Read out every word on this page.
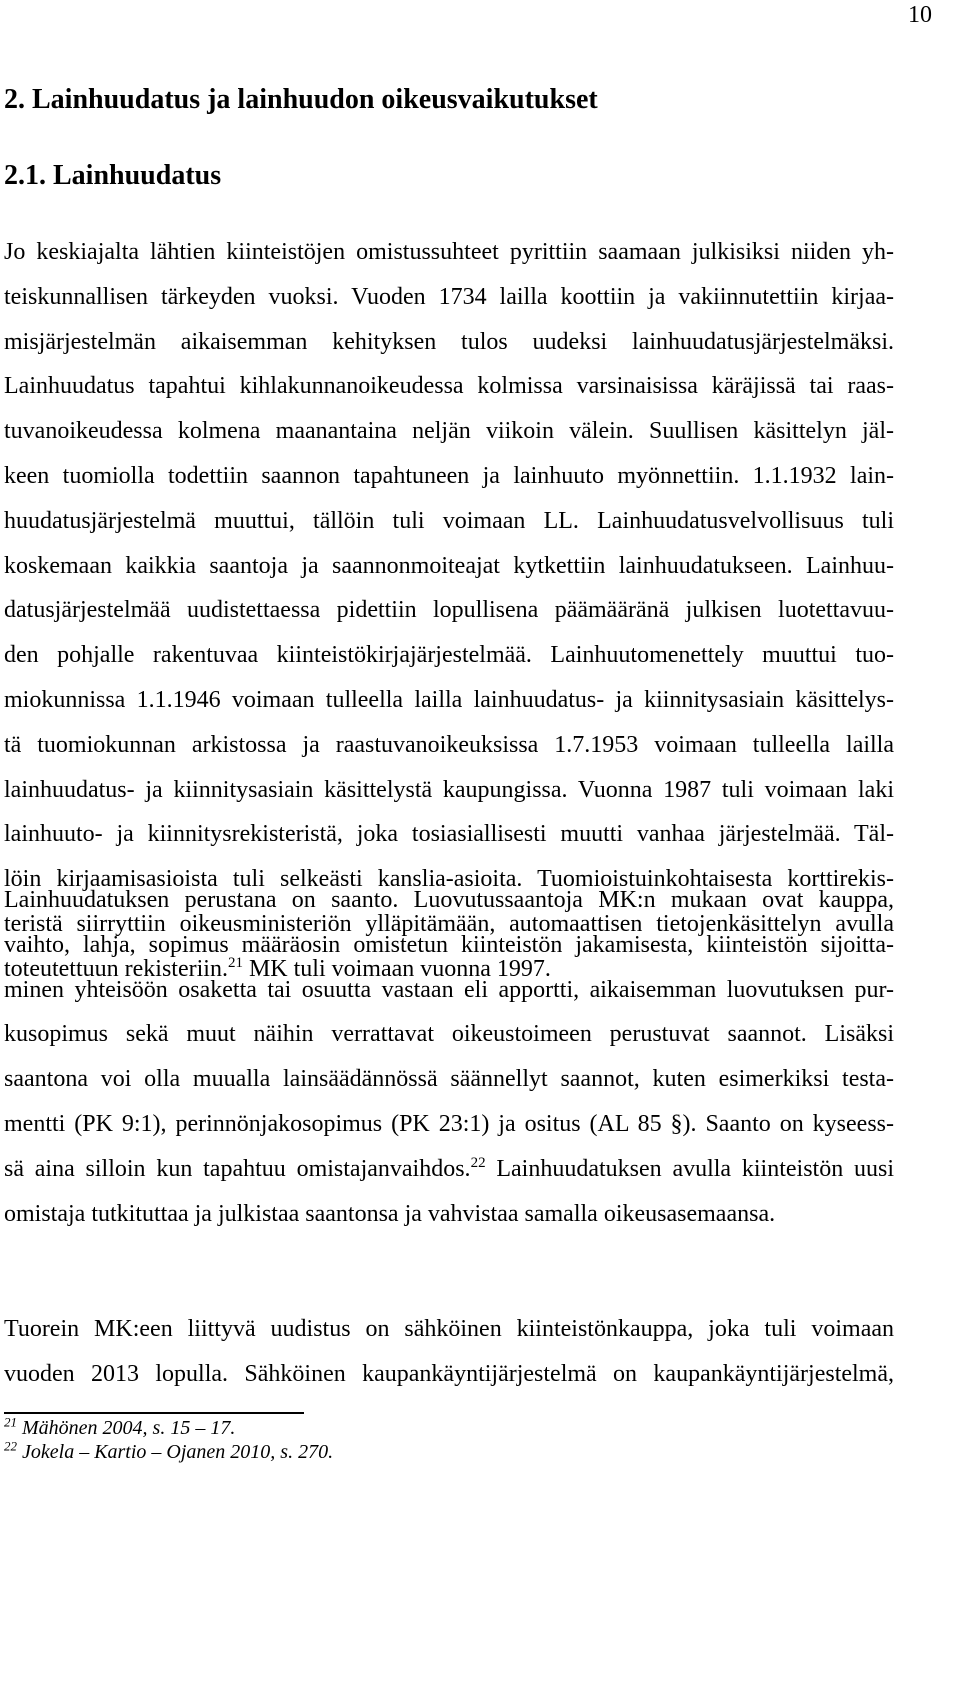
10
2. Lainhuudatus ja lainhuudon oikeusvaikutukset
2.1. Lainhuudatus
Jo keskiajalta lähtien kiinteistöjen omistussuhteet pyrittiin saamaan julkisiksi niiden yh-
teiskunnallisen tärkeyden vuoksi. Vuoden 1734 lailla koottiin ja vakiinnutettiin kirjaa-
misjärjestelmän aikaisemman kehityksen tulos uudeksi lainhuudatusjärjestelmäksi.
Lainhuudatus tapahtui kihlakunnanoikeudessa kolmissa varsinaisissa käräjissä tai raas-
tuvanoikeudessa kolmena maanantaina neljän viikoin välein. Suullisen käsittelyn jäl-
keen tuomiolla todettiin saannon tapahtuneen ja lainhuuto myönnettiin. 1.1.1932 lain-
huudatusjärjestelmä muuttui, tällöin tuli voimaan LL. Lainhuudatusvelvollisuus tuli
koskemaan kaikkia saantoja ja saannonmoiteajat kytkettiin lainhuudatukseen. Lainhuu-
datusjärjestelmää uudistettaessa pidettiin lopullisena päämääränä julkisen luotettavuu-
den pohjalle rakentuvaa kiinteistökirjajärjestelmää. Lainhuutomenettely muuttui tuo-
miokunnissa 1.1.1946 voimaan tulleella lailla lainhuudatus- ja kiinnitysasiain käsittelys-
tä tuomiokunnan arkistossa ja raastuvanoikeuksissa 1.7.1953 voimaan tulleella lailla
lainhuudatus- ja kiinnitysasiain käsittelystä kaupungissa. Vuonna 1987 tuli voimaan laki
lainhuuto- ja kiinnitysrekisteristä, joka tosiasiallisesti muutti vanhaa järjestelmää. Täl-
löin kirjaamisasioista tuli selkeästi kanslia-asioita. Tuomioistuinkohtaisesta korttirekis-
teristä siirryttiin oikeusministeriön ylläpitämään, automaattisen tietojenkäsittelyn avulla
toteutettuun rekisteriin.$^{21}$ MK tuli voimaan vuonna 1997.
Lainhuudatuksen perustana on saanto. Luovutussaantoja MK:n mukaan ovat kauppa,
vaihto, lahja, sopimus määräosin omistetun kiinteistön jakamisesta, kiinteistön sijoitta-
minen yhteisöön osaketta tai osuutta vastaan eli apportti, aikaisemman luovutuksen pur-
kusopimus sekä muut näihin verrattavat oikeustoimeen perustuvat saannot. Lisäksi
saantona voi olla muualla lainsäädännössä säännellyt saannot, kuten esimerkiksi testa-
mentti (PK 9:1), perinnönjakosopimus (PK 23:1) ja ositus (AL 85 §). Saanto on kyseess-
sä aina silloin kun tapahtuu omistajanvaihdos.$^{22}$ Lainhuudatuksen avulla kiinteistön uusi
omistaja tutkituttaa ja julkistaa saantonsa ja vahvistaa samalla oikeusasemaansa.
Tuorein MK:een liittyvä uudistus on sähköinen kiinteistönkauppa, joka tuli voimaan
vuoden 2013 lopulla. Sähköinen kaupankäyntijärjestelmä on kaupankäyntijärjestelmä,
$^{21}$ Mähönen 2004, s. 15 – 17.
$^{22}$ Jokela – Kartio – Ojanen 2010, s. 270.
